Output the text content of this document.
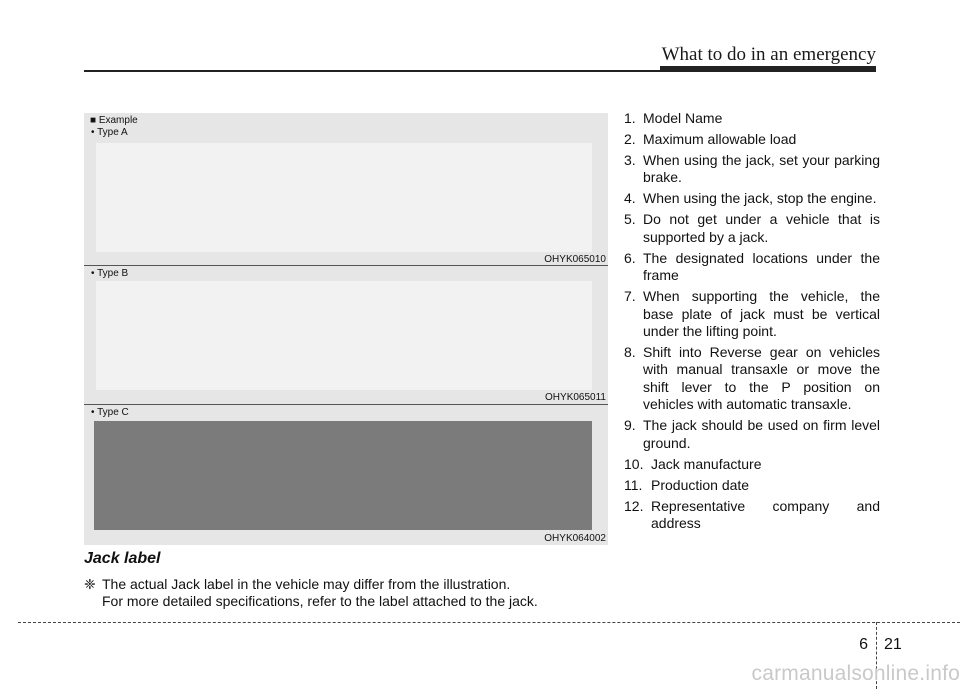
What to do in an emergency
■ Example
• Type A
OHYK065010
• Type B
OHYK065011
• Type C
OHYK064002
Jack label
❈ The actual Jack label in the vehicle may differ from the illustration.
For more detailed specifications, refer to the label attached to the jack.
1. Model Name
2. Maximum allowable load
3. When using the jack, set your parking brake.
4. When using the jack, stop the engine.
5. Do not get under a vehicle that is supported by a jack.
6. The designated locations under the frame
7. When supporting the vehicle, the base plate of jack must be vertical under the lifting point.
8. Shift into Reverse gear on vehicles with manual transaxle or move the shift lever to the P position on vehicles with automatic transaxle.
9. The jack should be used on firm level ground.
10. Jack manufacture
11. Production date
12. Representative company and address
6 21
carmanualsonline.info
